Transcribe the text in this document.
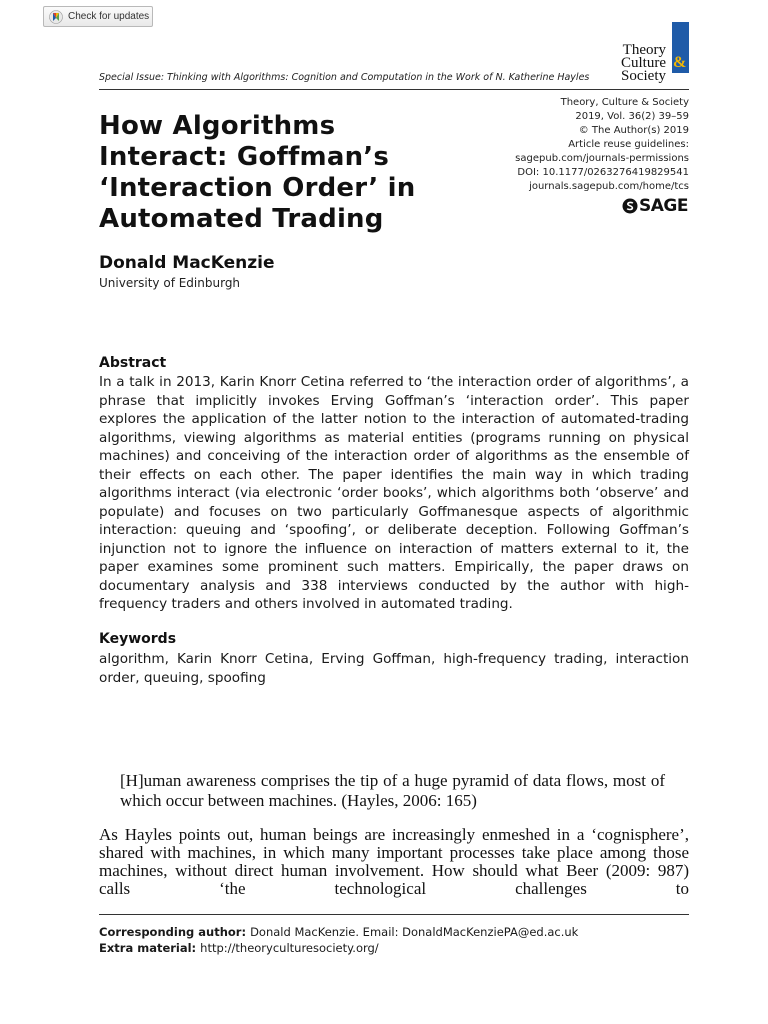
Check for updates
Theory
Culture
Society
&
Special Issue: Thinking with Algorithms: Cognition and Computation in the Work of N. Katherine Hayles
Theory, Culture & Society
2019, Vol. 36(2) 39–59
© The Author(s) 2019
Article reuse guidelines:
sagepub.com/journals-permissions
DOI: 10.1177/0263276419829541
journals.sagepub.com/home/tcs
SAGE
How Algorithms
Interact: Goffman’s
‘Interaction Order’ in
Automated Trading
Donald MacKenzie
University of Edinburgh
Abstract
In a talk in 2013, Karin Knorr Cetina referred to ‘the interaction order of algorithms’, a phrase that implicitly invokes Erving Goffman’s ‘interaction order’. This paper explores the application of the latter notion to the interaction of automated-trading algorithms, viewing algorithms as material entities (programs running on physical machines) and conceiving of the interaction order of algorithms as the ensemble of their effects on each other. The paper identifies the main way in which trading algorithms interact (via electronic ‘order books’, which algorithms both ‘observe’ and populate) and focuses on two particularly Goffmanesque aspects of algorithmic interaction: queuing and ‘spoofing’, or deliberate deception. Following Goffman’s injunction not to ignore the influence on interaction of matters external to it, the paper examines some prominent such matters. Empirically, the paper draws on documentary analysis and 338 interviews conducted by the author with high-frequency traders and others involved in automated trading.
Keywords
algorithm, Karin Knorr Cetina, Erving Goffman, high-frequency trading, interaction order, queuing, spoofing
[H]uman awareness comprises the tip of a huge pyramid of data flows, most of which occur between machines. (Hayles, 2006: 165)
As Hayles points out, human beings are increasingly enmeshed in a ‘cognisphere’, shared with machines, in which many important processes take place among those machines, without direct human involvement. How should what Beer (2009: 987) calls ‘the technological challenges to
Corresponding author: Donald MacKenzie. Email: DonaldMacKenziePA@ed.ac.uk
Extra material: http://theoryculturesociety.org/
